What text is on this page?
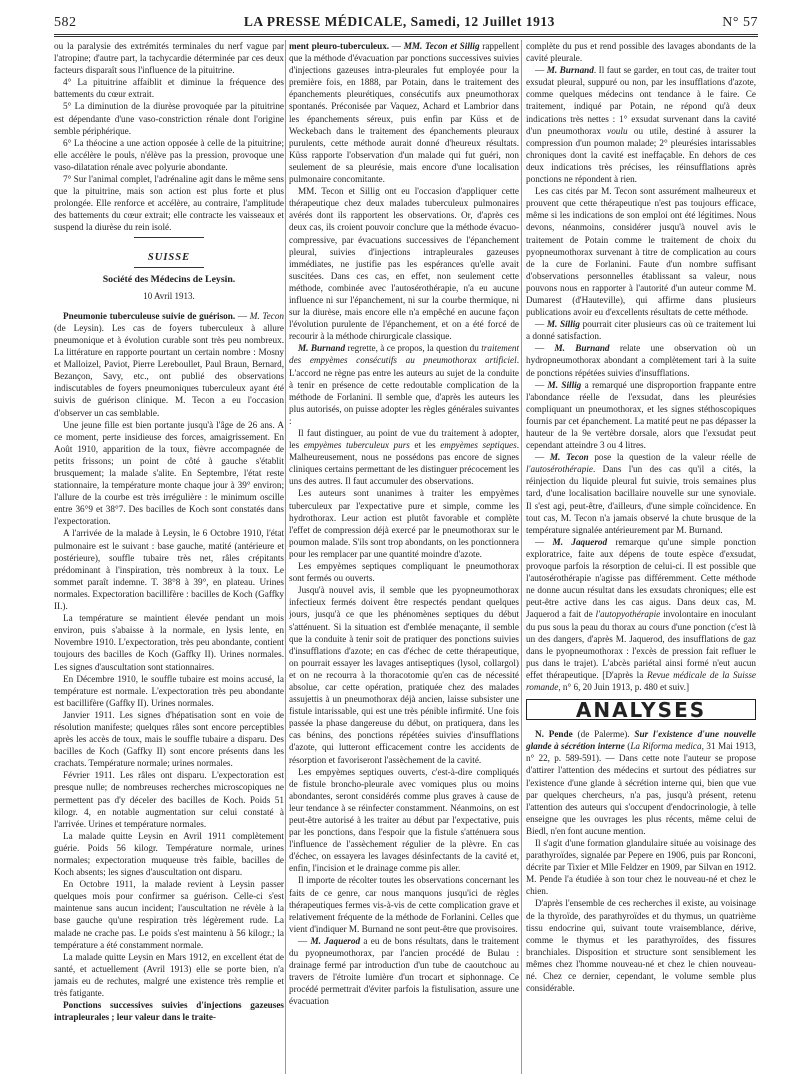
582	LA PRESSE MÉDICALE, Samedi, 12 Juillet 1913	N° 57

ou la paralysie des extrémités terminales du nerf vague par l'atropine; d'autre part, la tachycardie déterminée par ces deux facteurs disparaît sous l'influence de la pituitrine.

4° La pituitrine affaiblit et diminue la fréquence des battements du cœur extrait.

5° La diminution de la diurèse provoquée par la pituitrine est dépendante d'une vaso-constriction rénale dont l'origine semble périphérique.

6° La théocine a une action opposée à celle de la pituitrine; elle accélère le pouls, n'élève pas la pression, provoque une vaso-dilatation rénale avec polyurie abondante.

7° Sur l'animal complet, l'adrénaline agit dans le même sens que la pituitrine, mais son action est plus forte et plus prolongée. Elle renforce et accélère, au contraire, l'amplitude des battements du cœur extrait; elle contracte les vaisseaux et suspend la diurèse du rein isolé.

SUISSE
Société des Médecins de Leysin.
10 Avril 1913.

Pneumonie tuberculeuse suivie de guérison. — M. Tecon (de Leysin). Les cas de foyers tuberculeux à allure pneumonique et à évolution curable sont très peu nombreux. La littérature en rapporte pourtant un certain nombre : Mosny et Malloizel, Paviot, Pierre Lereboullet, Paul Braun, Bernard, Bezançon, Savy, etc., ont publié des observations indiscutables de foyers pneumoniques tuberculeux ayant été suivis de guérison clinique. M. Tecon a eu l'occasion d'observer un cas semblable.

Une jeune fille est bien portante jusqu'à l'âge de 26 ans. A ce moment, perte insidieuse des forces, amaigrissement. En Août 1910, apparition de la toux, fièvre accompagnée de petits frissons; un point de côté à gauche s'établit brusquement; la malade s'alite. En Septembre, l'état reste stationnaire, la température monte chaque jour à 39° environ; l'allure de la courbe est très irrégulière : le minimum oscille entre 36°9 et 38°7. Des bacilles de Koch sont constatés dans l'expectoration.

A l'arrivée de la malade à Leysin, le 6 Octobre 1910, l'état pulmonaire est le suivant : base gauche, matité (antérieure et postérieure), souffle tubaire très net, râles crépitants prédominant à l'inspiration, très nombreux à la toux. Le sommet paraît indemne. T. 38°8 à 39°, en plateau. Urines normales. Expectoration bacillifère : bacilles de Koch (Gaffky II.).

La température se maintient élevée pendant un mois environ, puis s'abaisse à la normale, en lysis lente, en Novembre 1910. L'expectoration, très peu abondante, contient toujours des bacilles de Koch (Gaffky II). Urines normales. Les signes d'auscultation sont stationnaires.

En Décembre 1910, le souffle tubaire est moins accusé, la température est normale. L'expectoration très peu abondante est bacillifère (Gaffky II). Urines normales.

Janvier 1911. Les signes d'hépatisation sont en voie de résolution manifeste; quelques râles sont encore perceptibles après les accès de toux, mais le souffle tubaire a disparu. Des bacilles de Koch (Gaffky II) sont encore présents dans les crachats. Température normale; urines normales.

Février 1911. Les râles ont disparu. L'expectoration est presque nulle; de nombreuses recherches microscopiques ne permettent pas d'y déceler des bacilles de Koch. Poids 51 kilogr. 4, en notable augmentation sur celui constaté à l'arrivée. Urines et température normales.

La malade quitte Leysin en Avril 1911 complètement guérie. Poids 56 kilogr. Température normale, urines normales; expectoration muqueuse très faible, bacilles de Koch absents; les signes d'auscultation ont disparu.

En Octobre 1911, la malade revient à Leysin passer quelques mois pour confirmer sa guérison. Celle-ci s'est maintenue sans aucun incident; l'auscultation ne révèle à la base gauche qu'une respiration très légèrement rude. La malade ne crache pas. Le poids s'est maintenu à 56 kilogr.; la température a été constamment normale.

La malade quitte Leysin en Mars 1912, en excellent état de santé, et actuellement (Avril 1913) elle se porte bien, n'a jamais eu de rechutes, malgré une existence très remplie et très fatigante.

Ponctions successives suivies d'injections gazeuses intrapleurales ; leur valeur dans le traite-

ment pleuro-tuberculeux. — MM. Tecon et Sillig rappellent que la méthode d'évacuation par ponctions successives suivies d'injections gazeuses intra-pleurales fut employée pour la première fois, en 1888, par Potain, dans le traitement des épanchements pleurétiques, consécutifs aux pneumothorax spontanés. Préconisée par Vaquez, Achard et Lambrior dans les épanchements séreux, puis enfin par Küss et de Weckebach dans le traitement des épanchements pleuraux purulents, cette méthode aurait donné d'heureux résultats. Küss rapporte l'observation d'un malade qui fut guéri, non seulement de sa pleurésie, mais encore d'une localisation pulmonaire concomitante.

MM. Tecon et Sillig ont eu l'occasion d'appliquer cette thérapeutique chez deux malades tuberculeux pulmonaires avérés dont ils rapportent les observations. Or, d'après ces deux cas, ils croient pouvoir conclure que la méthode évacuo-compressive, par évacuations successives de l'épanchement pleural, suivies d'injections intrapleurales gazeuses immédiates, ne justifie pas les espérances qu'elle avait suscitées. Dans ces cas, en effet, non seulement cette méthode, combinée avec l'autosérothérapie, n'a eu aucune influence ni sur l'épanchement, ni sur la courbe thermique, ni sur la diurèse, mais encore elle n'a empêché en aucune façon l'évolution purulente de l'épanchement, et on a été forcé de recourir à la méthode chirurgicale classique.

M. Burnand regrette, à ce propos, la question du traitement des empyèmes consécutifs au pneumothorax artificiel. L'accord ne règne pas entre les auteurs au sujet de la conduite à tenir en présence de cette redoutable complication de la méthode de Forlanini. Il semble que, d'après les auteurs les plus autorisés, on puisse adopter les règles générales suivantes :

Il faut distinguer, au point de vue du traitement à adopter, les empyèmes tuberculeux purs et les empyèmes septiques. Malheureusement, nous ne possédons pas encore de signes cliniques certains permettant de les distinguer précocement les uns des autres. Il faut accumuler des observations.

Les auteurs sont unanimes à traiter les empyèmes tuberculeux par l'expectative pure et simple, comme les hydrothorax. Leur action est plutôt favorable et complète l'effet de compression déjà exercé par le pneumothorax sur le poumon malade. S'ils sont trop abondants, on les ponctionnera pour les remplacer par une quantité moindre d'azote.

Les empyèmes septiques compliquant le pneumothorax sont fermés ou ouverts.

Jusqu'à nouvel avis, il semble que les pyopneumothorax infectieux fermés doivent être respectés pendant quelques jours, jusqu'à ce que les phénomènes septiques du début s'atténuent. Si la situation est d'emblée menaçante, il semble que la conduite à tenir soit de pratiquer des ponctions suivies d'insufflations d'azote; en cas d'échec de cette thérapeutique, on pourrait essayer les lavages antiseptiques (lysol, collargol) et on ne recourra à la thoracotomie qu'en cas de nécessité absolue, car cette opération, pratiquée chez des malades assujettis à un pneumothorax déjà ancien, laisse subsister une fistule intarissable, qui est une très pénible infirmité. Une fois passée la phase dangereuse du début, on pratiquera, dans les cas bénins, des ponctions répétées suivies d'insufflations d'azote, qui lutteront efficacement contre les accidents de résorption et favoriseront l'assèchement de la cavité.

Les empyèmes septiques ouverts, c'est-à-dire compliqués de fistule broncho-pleurale avec vomiques plus ou moins abondantes, seront considérés comme plus graves à cause de leur tendance à se réinfecter constamment. Néanmoins, on est peut-être autorisé à les traiter au début par l'expectative, puis par les ponctions, dans l'espoir que la fistule s'atténuera sous l'influence de l'assèchement régulier de la plèvre. En cas d'échec, on essayera les lavages désinfectants de la cavité et, enfin, l'incision et le drainage comme pis aller.

Il importe de récolter toutes les observations concernant les faits de ce genre, car nous manquons jusqu'ici de règles thérapeutiques fermes vis-à-vis de cette complication grave et relativement fréquente de la méthode de Forlanini. Celles que vient d'indiquer M. Burnand ne sont peut-être que provisoires.

— M. Jaquerod a eu de bons résultats, dans le traitement du pyopneumothorax, par l'ancien procédé de Bulau : drainage fermé par introduction d'un tube de caoutchouc au travers de l'étroite lumière d'un trocart et siphonnage. Ce procédé permettrait d'éviter parfois la fistulisation, assure une évacuation

complète du pus et rend possible des lavages abondants de la cavité pleurale.

— M. Burnand. Il faut se garder, en tout cas, de traiter tout exsudat pleural, suppuré ou non, par les insufflations d'azote, comme quelques médecins ont tendance à le faire. Ce traitement, indiqué par Potain, ne répond qu'à deux indications très nettes : 1° exsudat survenant dans la cavité d'un pneumothorax voulu ou utile, destiné à assurer la compression d'un poumon malade; 2° pleurésies intarissables chroniques dont la cavité est ineffaçable. En dehors de ces deux indications très précises, les réinsufflations après ponctions ne répondent à rien.

Les cas cités par M. Tecon sont assurément malheureux et prouvent que cette thérapeutique n'est pas toujours efficace, même si les indications de son emploi ont été légitimes. Nous devons, néanmoins, considérer jusqu'à nouvel avis le traitement de Potain comme le traitement de choix du pyopneumothorax survenant à titre de complication au cours de la cure de Forlanini. Faute d'un nombre suffisant d'observations personnelles établissant sa valeur, nous pouvons nous en rapporter à l'autorité d'un auteur comme M. Dumarest (d'Hauteville), qui affirme dans plusieurs publications avoir eu d'excellents résultats de cette méthode.

— M. Sillig pourrait citer plusieurs cas où ce traitement lui a donné satisfaction.

— M. Burnand relate une observation où un hydropneumothorax abondant a complètement tari à la suite de ponctions répétées suivies d'insufflations.

— M. Sillig a remarqué une disproportion frappante entre l'abondance réelle de l'exsudat, dans les pleurésies compliquant un pneumothorax, et les signes stéthoscopiques fournis par cet épanchement. La matité peut ne pas dépasser la hauteur de la 9e vertèbre dorsale, alors que l'exsudat peut cependant atteindre 3 ou 4 litres.

— M. Tecon pose la question de la valeur réelle de l'autosérothérapie. Dans l'un des cas qu'il a cités, la réinjection du liquide pleural fut suivie, trois semaines plus tard, d'une localisation bacillaire nouvelle sur une synoviale. Il s'est agi, peut-être, d'ailleurs, d'une simple coïncidence. En tout cas, M. Tecon n'a jamais observé la chute brusque de la température signalée antérieurement par M. Burnand.

— M. Jaquerod remarque qu'une simple ponction exploratrice, faite aux dépens de toute espèce d'exsudat, provoque parfois la résorption de celui-ci. Il est possible que l'autosérothérapie n'agisse pas différemment. Cette méthode ne donne aucun résultat dans les exsudats chroniques; elle est peut-être active dans les cas aigus. Dans deux cas, M. Jaquerod a fait de l'autopyothérapie involontaire en inoculant du pus sous la peau du thorax au cours d'une ponction (c'est là un des dangers, d'après M. Jaquerod, des insufflations de gaz dans le pyopneumothorax : l'excès de pression fait refluer le pus dans le trajet). L'abcès pariétal ainsi formé n'eut aucun effet thérapeutique. [D'après la Revue médicale de la Suisse romande, n° 6, 20 Juin 1913, p. 480 et suiv.]

ANALYSES

N. Pende (de Palerme). Sur l'existence d'une nouvelle glande à sécrétion interne (La Riforma medica, 31 Mai 1913, n° 22, p. 589-591). — Dans cette note l'auteur se propose d'attirer l'attention des médecins et surtout des pédiatres sur l'existence d'une glande à sécrétion interne qui, bien que vue par quelques chercheurs, n'a pas, jusqu'à présent, retenu l'attention des auteurs qui s'occupent d'endocrinologie, à telle enseigne que les ouvrages les plus récents, même celui de Biedl, n'en font aucune mention.

Il s'agit d'une formation glandulaire située au voisinage des parathyroïdes, signalée par Pepere en 1906, puis par Ronconi, décrite par Tixier et Mlle Feldzer en 1909, par Silvan en 1912. M. Pende l'a étudiée à son tour chez le nouveau-né et chez le chien.

D'après l'ensemble de ces recherches il existe, au voisinage de la thyroïde, des parathyroïdes et du thymus, un quatrième tissu endocrine qui, suivant toute vraisemblance, dérive, comme le thymus et les parathyroïdes, des fissures branchiales. Disposition et structure sont sensiblement les mêmes chez l'homme nouveau-né et chez le chien nouveau-né. Chez ce dernier, cependant, le volume semble plus considérable.
